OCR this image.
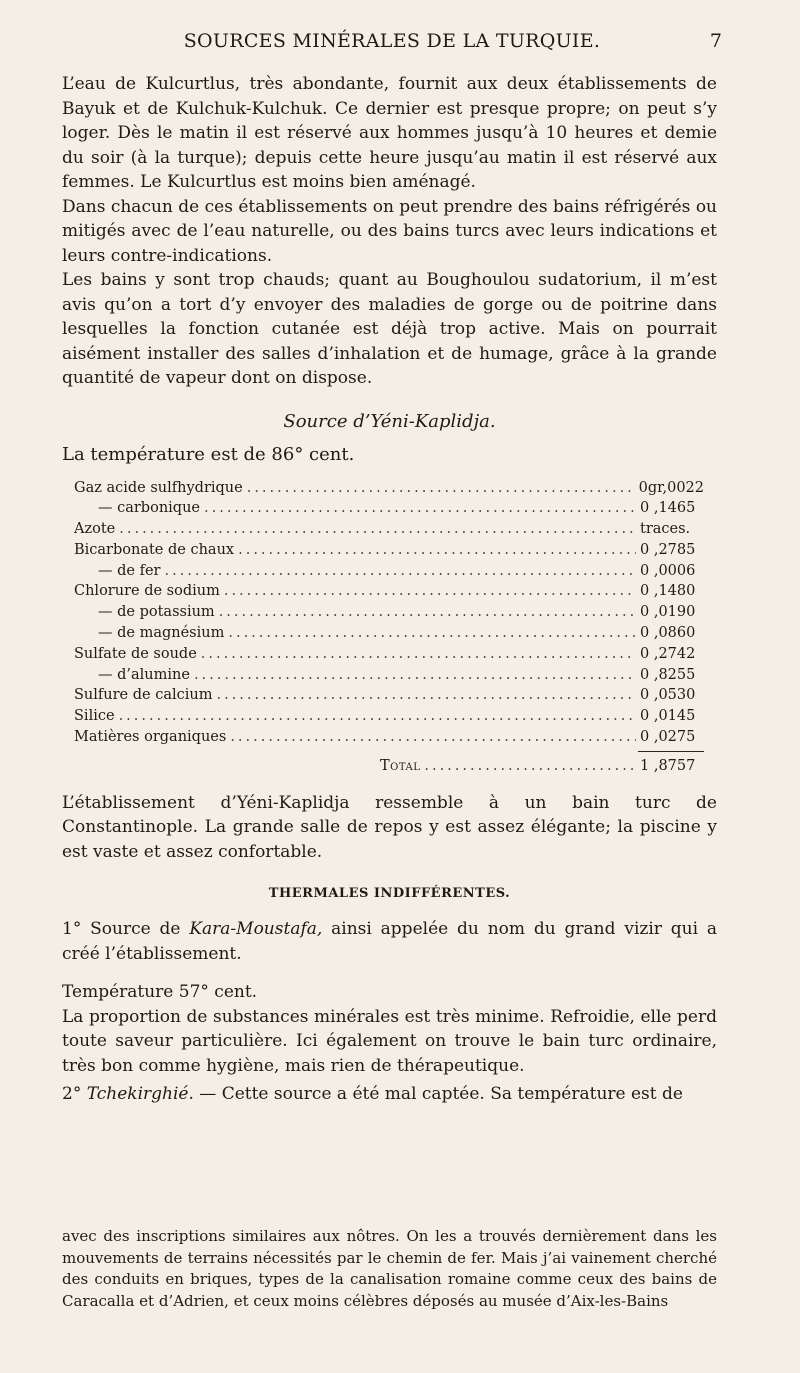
SOURCES MINÉRALES DE LA TURQUIE.	7

L’eau de Kulcurtlus, très abondante, fournit aux deux établissements de Bayuk et de Kulchuk-Kulchuk. Ce dernier est presque propre; on peut s’y loger. Dès le matin il est réservé aux hommes jusqu’à 10 heures et demie du soir (à la turque); depuis cette heure jusqu’au matin il est réservé aux femmes. Le Kulcurtlus est moins bien aménagé.

Dans chacun de ces établissements on peut prendre des bains réfrigérés ou mitigés avec de l’eau naturelle, ou des bains turcs avec leurs indications et leurs contre-indications.

Les bains y sont trop chauds; quant au Boughoulou sudatorium, il m’est avis qu’on a tort d’y envoyer des maladies de gorge ou de poitrine dans lesquelles la fonction cutanée est déjà trop active. Mais on pourrait aisément installer des salles d’inhalation et de humage, grâce à la grande quantité de vapeur dont on dispose.

Source d’Yéni-Kaplidja.
La température est de 86° cent.
Gaz acide sulfhydrique .....	0gr,0022
— carbonique .....	0 ,1465
Azote .....	traces.
Bicarbonate de chaux .....	0 ,2785
— de fer .....	0 ,0006
Chlorure de sodium .....	0 ,1480
— de potassium .....	0 ,0190
— de magnésium .....	0 ,0860
Sulfate de soude .....	0 ,2742
— d’alumine .....	0 ,8255
Sulfure de calcium .....	0 ,0530
Silice .....	0 ,0145
Matières organiques .....	0 ,0275
Total .....	1 ,8757

L’établissement d’Yéni-Kaplidja ressemble à un bain turc de Constantinople. La grande salle de repos y est assez élégante; la piscine y est vaste et assez confortable.

THERMALES INDIFFÉRENTES.

1° Source de Kara-Moustafa, ainsi appelée du nom du grand vizir qui a créé l’établissement.

Température 57° cent.

La proportion de substances minérales est très minime. Refroidie, elle perd toute saveur particulière. Ici également on trouve le bain turc ordinaire, très bon comme hygiène, mais rien de thérapeutique.

2° Tchekirghié. — Cette source a été mal captée. Sa température est de

avec des inscriptions similaires aux nôtres. On les a trouvés dernièrement dans les mouvements de terrains nécessités par le chemin de fer. Mais j’ai vainement cherché des conduits en briques, types de la canalisation romaine comme ceux des bains de Caracalla et d’Adrien, et ceux moins célèbres déposés au musée d’Aix-les-Bains
